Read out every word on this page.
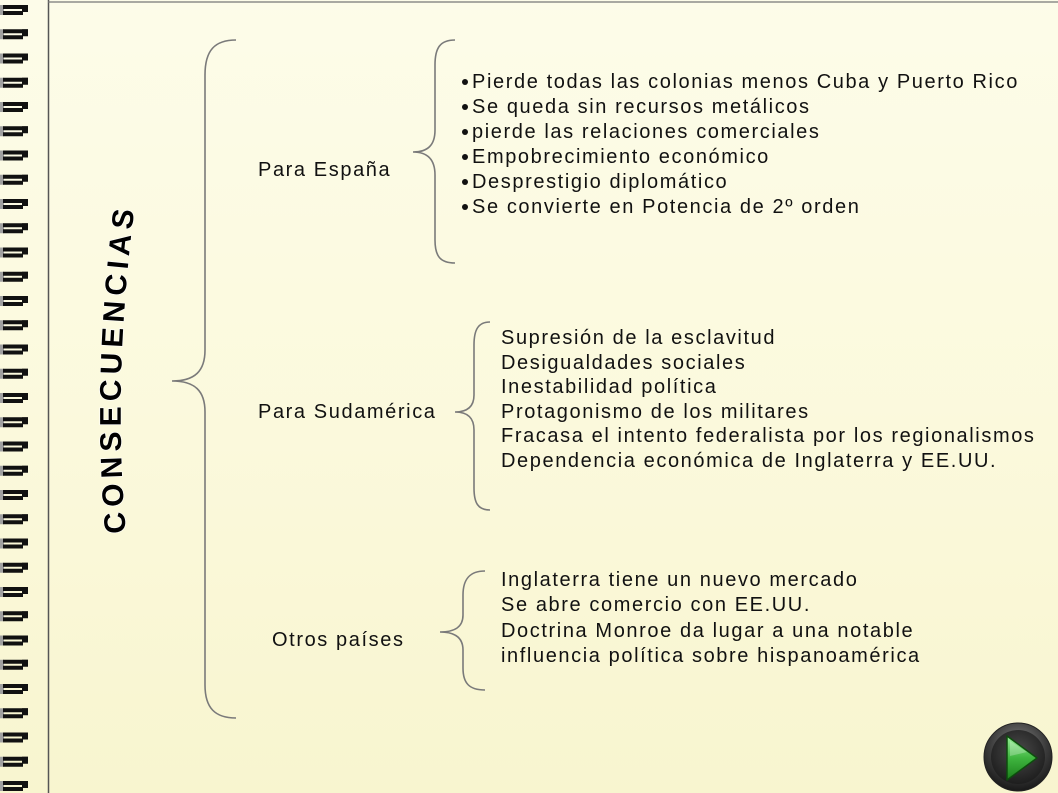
CONSECUENCIAS
Para España
Para Sudamérica
Otros países
Pierde todas las colonias menos Cuba y Puerto Rico
Se queda sin recursos metálicos
pierde las relaciones comerciales
Empobrecimiento económico
Desprestigio diplomático
Se convierte en Potencia de 2º orden
Supresión de la esclavitud
Desigualdades sociales
Inestabilidad política
Protagonismo de los militares
Fracasa el intento federalista por los regionalismos
Dependencia económica de Inglaterra y EE.UU.
Inglaterra tiene un nuevo mercado
Se abre comercio con EE.UU.
Doctrina Monroe da lugar a una notable
influencia política sobre hispanoamérica
